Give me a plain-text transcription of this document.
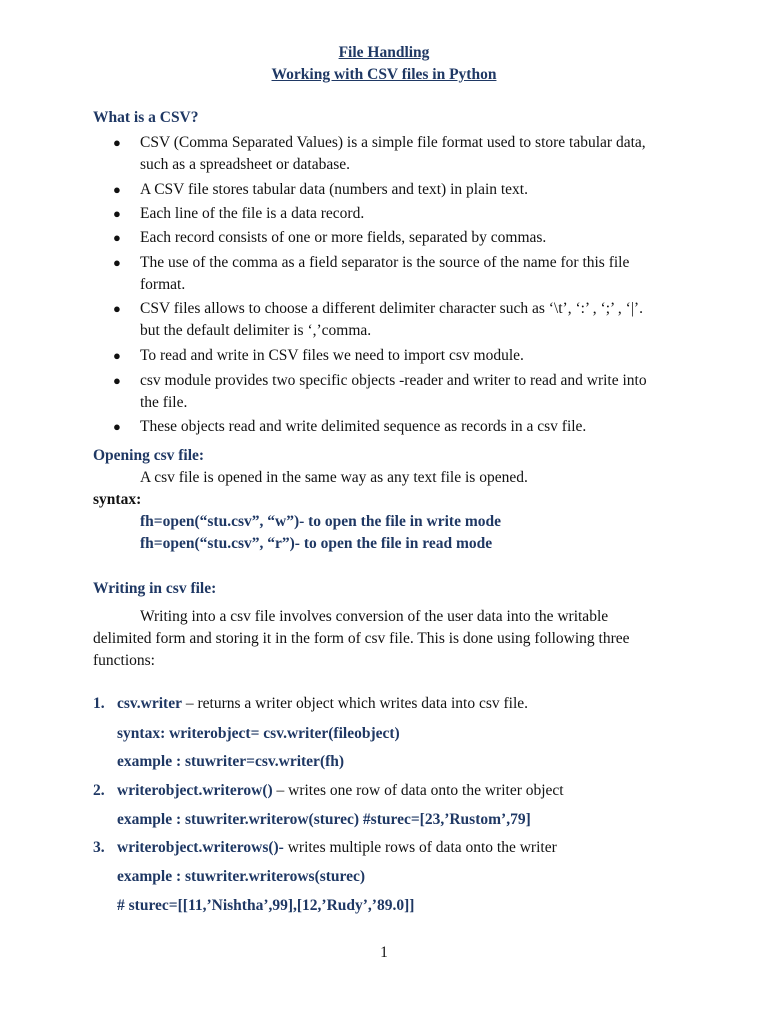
File Handling
Working with CSV files in Python
What is a CSV?
● CSV (Comma Separated Values) is a simple file format used to store tabular data,
such as a spreadsheet or database.
● A CSV file stores tabular data (numbers and text) in plain text.
● Each line of the file is a data record.
● Each record consists of one or more fields, separated by commas.
● The use of the comma as a field separator is the source of the name for this file
format.
● CSV files allows to choose a different delimiter character such as ‘\t’, ‘:’ , ‘;’ , ‘|’.
but the default delimiter is ‘,’comma.
● To read and write in CSV files we need to import csv module.
● csv module provides two specific objects -reader and writer to read and write into
the file.
● These objects read and write delimited sequence as records in a csv file.
Opening csv file:
A csv file is opened in the same way as any text file is opened.
syntax:
fh=open(“stu.csv”, “w”)- to open the file in write mode
fh=open(“stu.csv”, “r”)- to open the file in read mode
Writing in csv file:
Writing into a csv file involves conversion of the user data into the writable
delimited form and storing it in the form of csv file. This is done using following three
functions:
1. csv.writer – returns a writer object which writes data into csv file.
syntax: writerobject= csv.writer(fileobject)
example : stuwriter=csv.writer(fh)
2. writerobject.writerow() – writes one row of data onto the writer object
example : stuwriter.writerow(sturec) #sturec=[23,’Rustom’,79]
3. writerobject.writerows()- writes multiple rows of data onto the writer
example : stuwriter.writerows(sturec)
# sturec=[[11,’Nishtha’,99],[12,’Rudy’,’89.0]]
1
